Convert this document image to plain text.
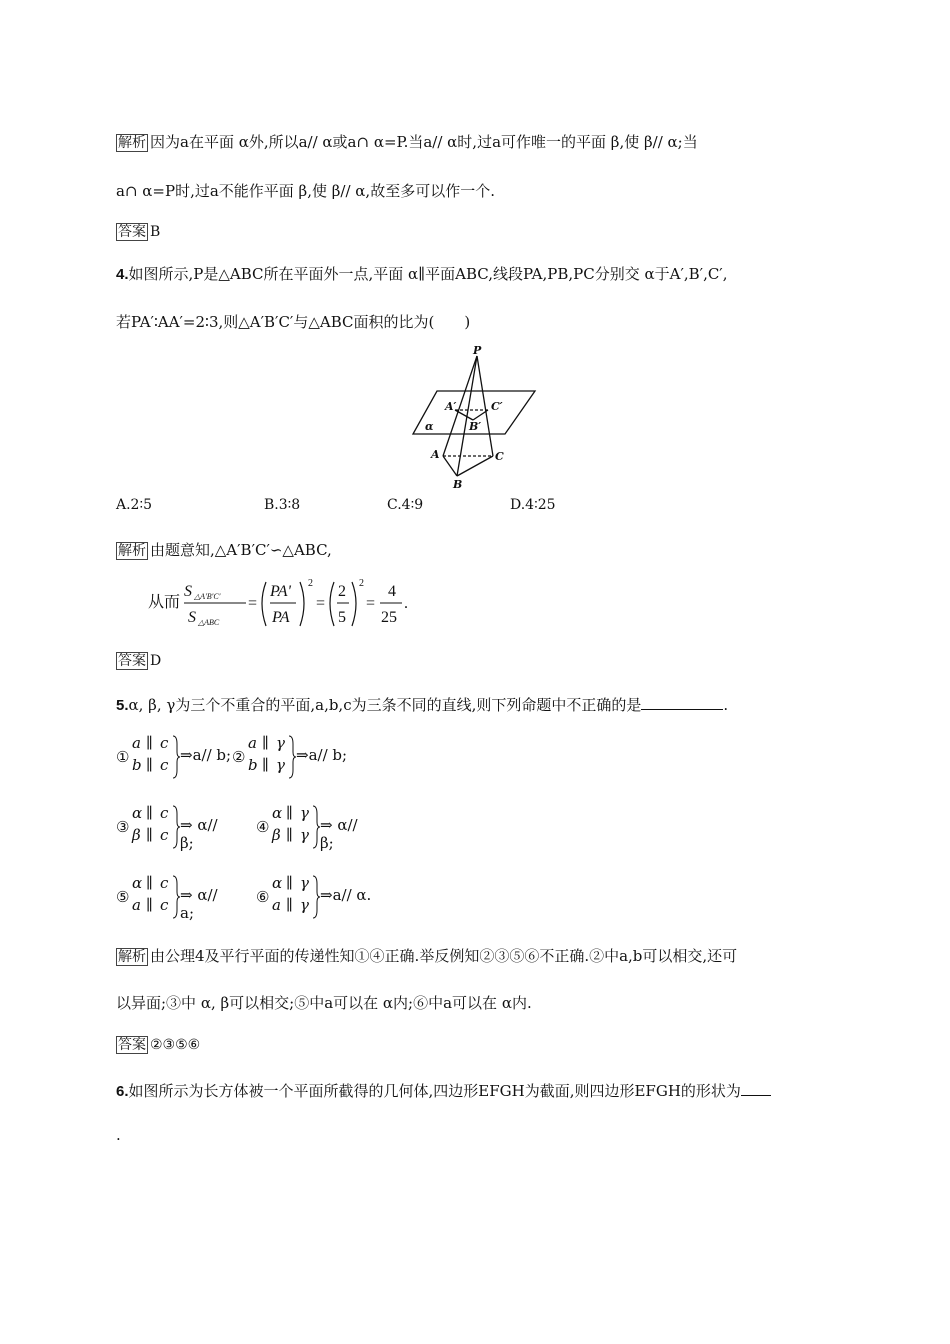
解析 因为a在平面 α外,所以a// α或a∩ α=P.当a// α时,过a可作唯一的平面 β,使 β// α;当
a∩ α=P时,过a不能作平面 β,使 β// α,故至多可以作一个.
答案 B
4.如图所示,P是△ABC所在平面外一点,平面 α∥平面ABC,线段PA,PB,PC分别交 α于A′,B′,C′,
若PA′∶AA′=2∶3,则△A′B′C′与△ABC面积的比为(　　)
P
A′	C′
B′
α
A	C
B
A.2∶5	B.3∶8	C.4∶9	D.4∶25
解析 由题意知,△A′B′C′∽△ABC,
从而
S △A′B′C′
S △ABC
=
PA'
PA
2
=
2
5
2
=
4
25
.
答案 D
5.α, β, γ为三个不重合的平面,a,b,c为三条不同的直线,则下列命题中不正确的是	.
①
a ∥ c
b ∥ c
⇒a// b; ②
a ∥ γ
b ∥ γ
⇒a// b;
③
α ∥ c
β ∥ c
⇒ α// β;
④
α ∥ γ
β ∥ γ
⇒ α// β;
⑤
α ∥ c
a ∥ c
⇒ α// a;
⑥
α ∥ γ
a ∥ γ
⇒a// α.
解析 由公理4及平行平面的传递性知①④正确.举反例知②③⑤⑥不正确.②中a,b可以相交,还可
以异面;③中 α, β可以相交;⑤中a可以在 α内;⑥中a可以在 α内.
答案 ②③⑤⑥
6.如图所示为长方体被一个平面所截得的几何体,四边形EFGH为截面,则四边形EFGH的形状为
.
